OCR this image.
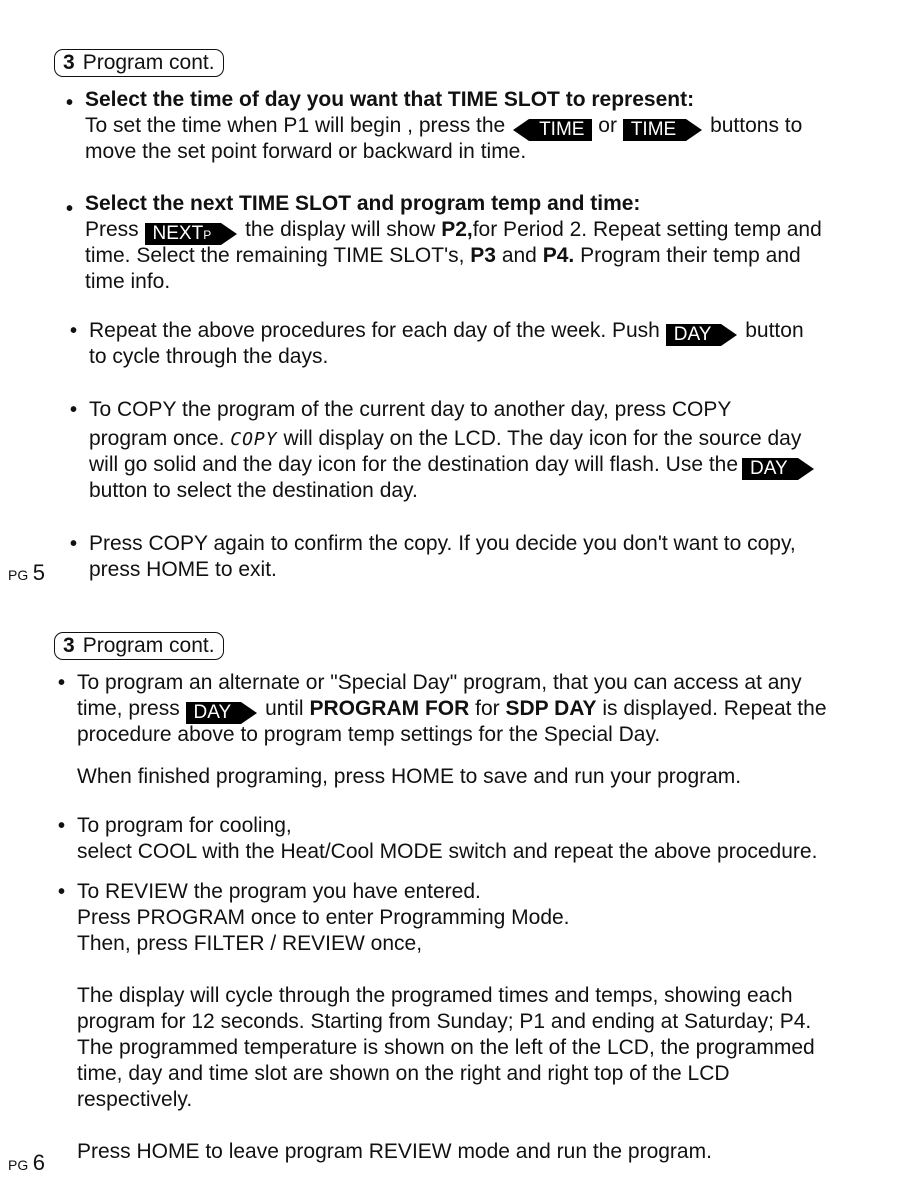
3 Program cont.
• Select the time of day you want that TIME SLOT to represent:
To set the time when P1 will begin , press the TIME or TIME buttons to
move the set point forward or backward in time.
• Select the next TIME SLOT and program temp and time:
Press NEXTP the display will show P2,for Period 2. Repeat setting temp and
time. Select the remaining TIME SLOT's, P3 and P4. Program their temp and
time info.
• Repeat the above procedures for each day of the week. Push DAY button
to cycle through the days.
• To COPY the program of the current day to another day, press COPY
program once. COPY will display on the LCD. The day icon for the source day
will go solid and the day icon for the destination day will flash. Use the DAY
button to select the destination day.
• Press COPY again to confirm the copy. If you decide you don't want to copy,
press HOME to exit.
PG 5
3 Program cont.
• To program an alternate or "Special Day" program, that you can access at any
time, press DAY until PROGRAM FOR for SDP DAY is displayed. Repeat the
procedure above to program temp settings for the Special Day.
When finished programing, press HOME to save and run your program.
• To program for cooling,
select COOL with the Heat/Cool MODE switch and repeat the above procedure.
• To REVIEW the program you have entered.
Press PROGRAM once to enter Programming Mode.
Then, press FILTER / REVIEW once,
The display will cycle through the programed times and temps, showing each
program for 12 seconds. Starting from Sunday; P1 and ending at Saturday; P4.
The programmed temperature is shown on the left of the LCD, the programmed
time, day and time slot are shown on the right and right top of the LCD
respectively.
Press HOME to leave program REVIEW mode and run the program.
PG 6
